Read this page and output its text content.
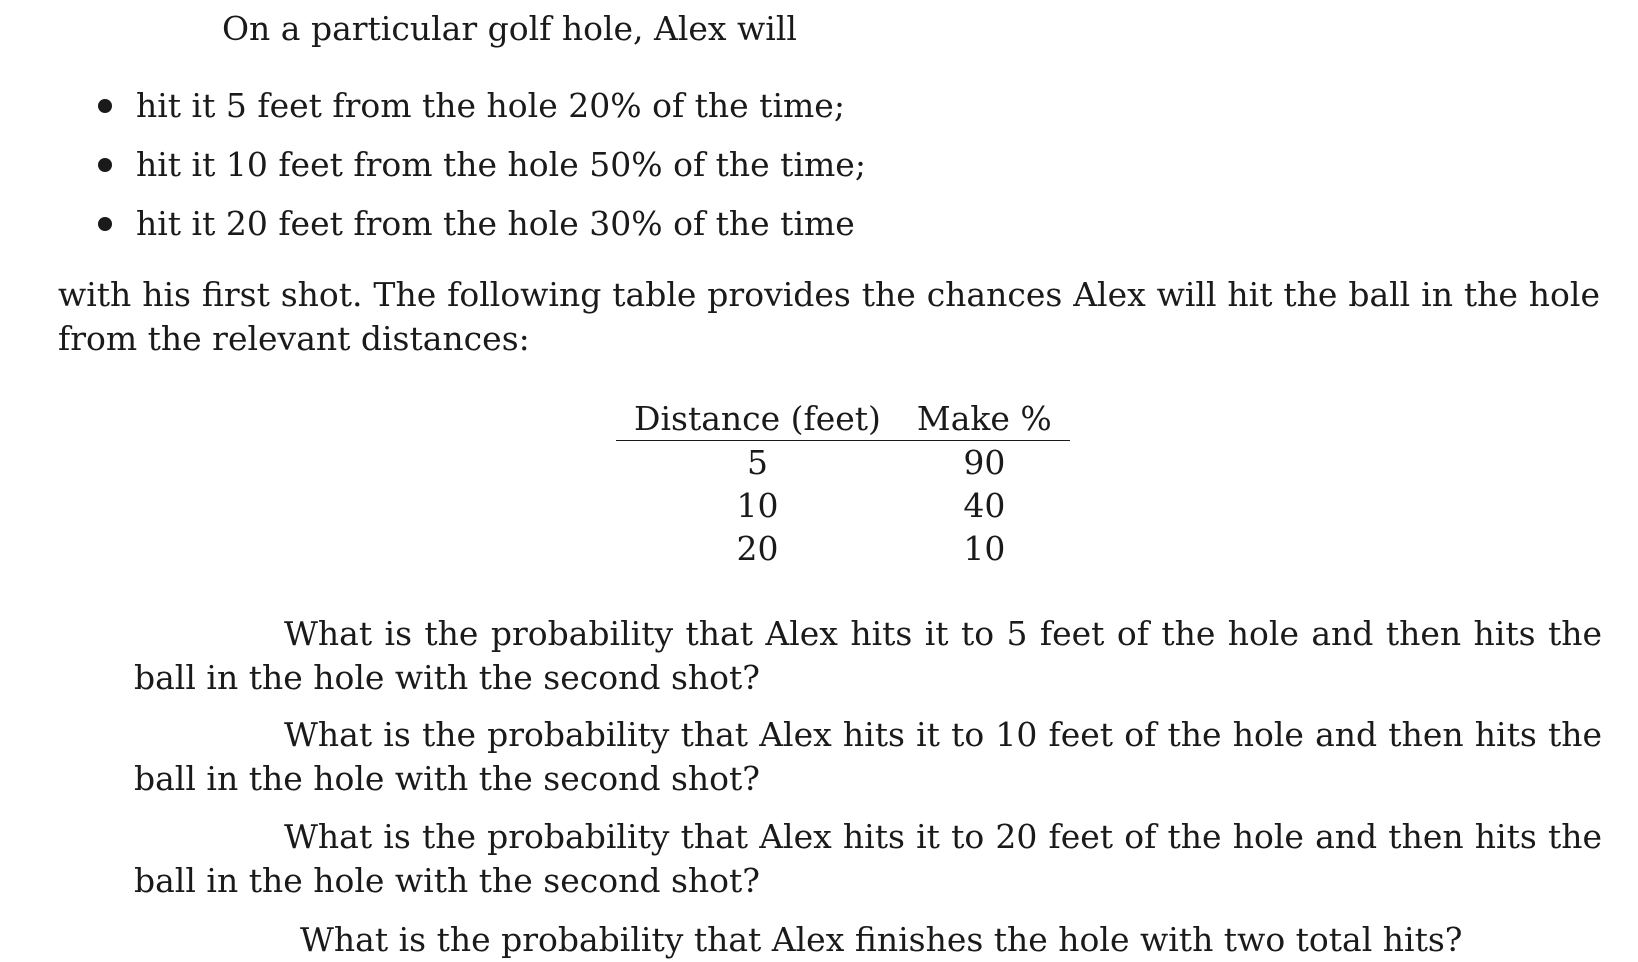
On a particular golf hole, Alex will
hit it 5 feet from the hole 20% of the time;
hit it 10 feet from the hole 50% of the time;
hit it 20 feet from the hole 30% of the time
with his first shot. The following table provides the chances Alex will hit the ball in the hole from the relevant distances:
Distance (feet)	Make %
5	90
10	40
20	10
What is the probability that Alex hits it to 5 feet of the hole and then hits the ball in the hole with the second shot?
What is the probability that Alex hits it to 10 feet of the hole and then hits the ball in the hole with the second shot?
What is the probability that Alex hits it to 20 feet of the hole and then hits the ball in the hole with the second shot?
What is the probability that Alex finishes the hole with two total hits?
